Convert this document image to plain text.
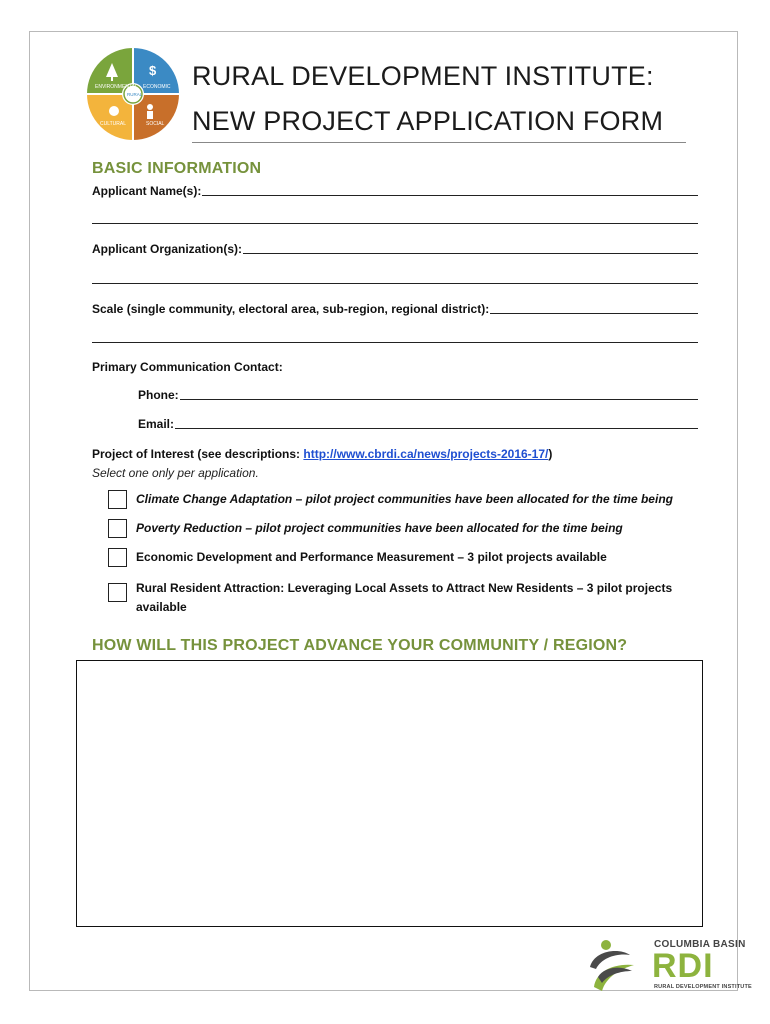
$
ENVIRONMENTAL ECONOMIC
CULTURAL	SOCIAL
RURAL
RURAL DEVELOPMENT INSTITUTE:
NEW PROJECT APPLICATION FORM
BASIC INFORMATION
Applicant Name(s):
Applicant Organization(s):
Scale (single community, electoral area, sub-region, regional district):
Primary Communication Contact:
Phone:
Email:
Project of Interest (see descriptions: http://www.cbrdi.ca/news/projects-2016-17/)
Select one only per application.
Climate Change Adaptation – pilot project communities have been allocated for the time being
Poverty Reduction – pilot project communities have been allocated for the time being
Economic Development and Performance Measurement – 3 pilot projects available
Rural Resident Attraction: Leveraging Local Assets to Attract New Residents – 3 pilot projects available
HOW WILL THIS PROJECT ADVANCE YOUR COMMUNITY / REGION?
COLUMBIA BASIN
RDI
RURAL DEVELOPMENT INSTITUTE
